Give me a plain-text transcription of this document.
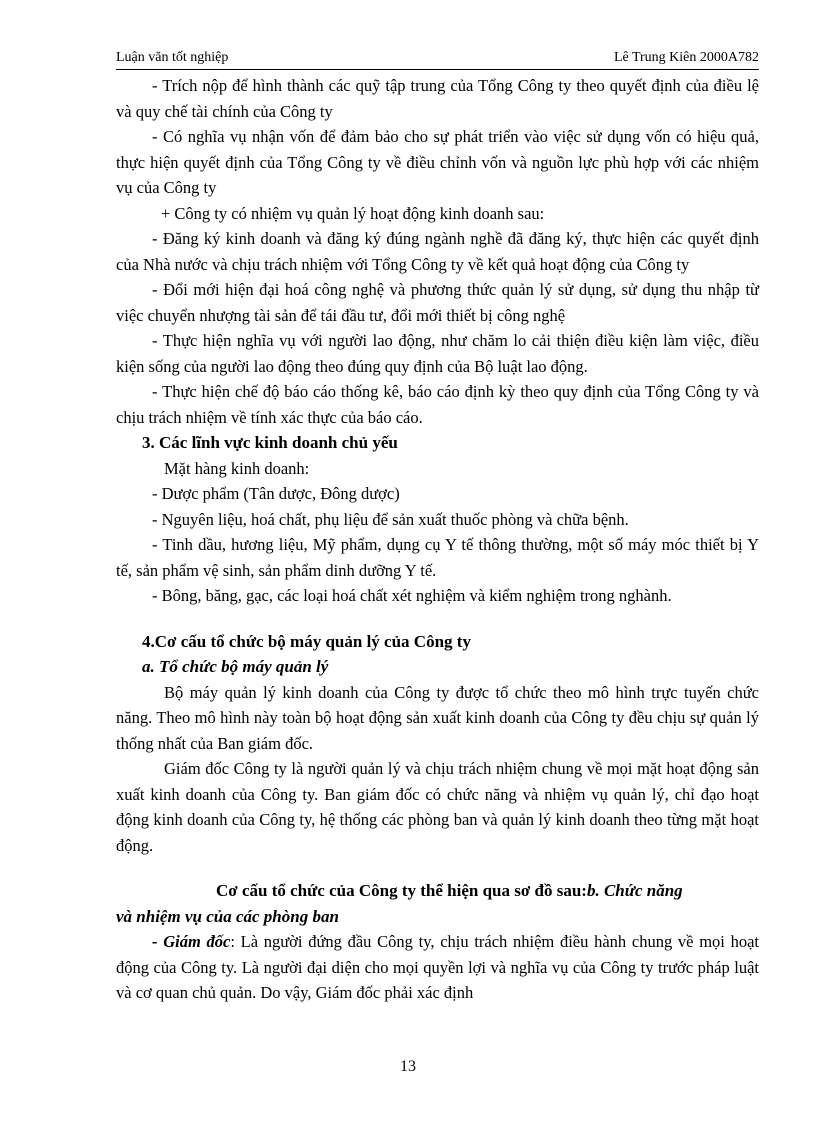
Luận văn tốt nghiệp	Lê Trung Kiên 2000A782

- Trích nộp để hình thành các quỹ tập trung của Tổng Công ty theo quyết định của điều lệ và quy chế tài chính của Công ty

- Có nghĩa vụ nhận vốn để đảm bảo cho sự phát triển vào việc sử dụng vốn có hiệu quả, thực hiện quyết định của Tổng Công ty về điều chỉnh vốn và nguồn lực phù hợp với các nhiệm vụ của Công ty

+ Công ty có nhiệm vụ quản lý hoạt động kinh doanh sau:

- Đăng ký kinh doanh và đăng ký đúng ngành nghề đã đăng ký, thực hiện các quyết định của Nhà nước và chịu trách nhiệm với Tổng Công ty về kết quả hoạt động của Công ty

- Đổi mới hiện đại hoá công nghệ và phương thức quản lý sử dụng, sử dụng thu nhập từ việc chuyển nhượng tài sản để tái đầu tư, đổi mới thiết bị công nghệ

- Thực hiện nghĩa vụ với người lao động, như chăm lo cải thiện điều kiện làm việc, điều kiện sống của người lao động theo đúng quy định của Bộ luật lao động.

- Thực hiện chế độ báo cáo thống kê, báo cáo định kỳ theo quy định của Tổng Công ty và chịu trách nhiệm về tính xác thực của báo cáo.

3. Các lĩnh vực kinh doanh chủ yếu

Mặt hàng kinh doanh:

- Dược phẩm (Tân dược, Đông dược)

- Nguyên liệu, hoá chất, phụ liệu để sản xuất thuốc phòng và chữa bệnh.

- Tinh dầu, hương liệu, Mỹ phẩm, dụng cụ Y tế thông thường, một số máy móc thiết bị Y tế, sản phẩm vệ sinh, sản phẩm dinh dưỡng Y tế.

- Bông, băng, gạc, các loại hoá chất xét nghiệm và kiểm nghiệm trong nghành.

4.Cơ cấu tổ chức bộ máy quản lý của Công ty

a. Tổ chức bộ máy quản lý

Bộ máy quản lý kinh doanh của Công ty được tổ chức theo mô hình trực tuyến chức năng. Theo mô hình này toàn bộ hoạt động sản xuất kinh doanh của Công ty đều chịu sự quản lý thống nhất của Ban giám đốc.

Giám đốc Công ty là người quản lý và chịu trách nhiệm chung về mọi mặt hoạt động sản xuất kinh doanh của Công ty. Ban giám đốc có chức năng và nhiệm vụ quản lý, chỉ đạo hoạt động kinh doanh của Công ty, hệ thống các phòng ban và quản lý kinh doanh theo từng mặt hoạt động.

Cơ cấu tổ chức của Công ty thể hiện qua sơ đồ sau:b. Chức năng

và nhiệm vụ của các phòng ban

- Giám đốc: Là người đứng đầu Công ty, chịu trách nhiệm điều hành chung về mọi hoạt động của Công ty. Là người đại diện cho mọi quyền lợi và nghĩa vụ của Công ty trước pháp luật và cơ quan chủ quản. Do vậy, Giám đốc phải xác định

13
